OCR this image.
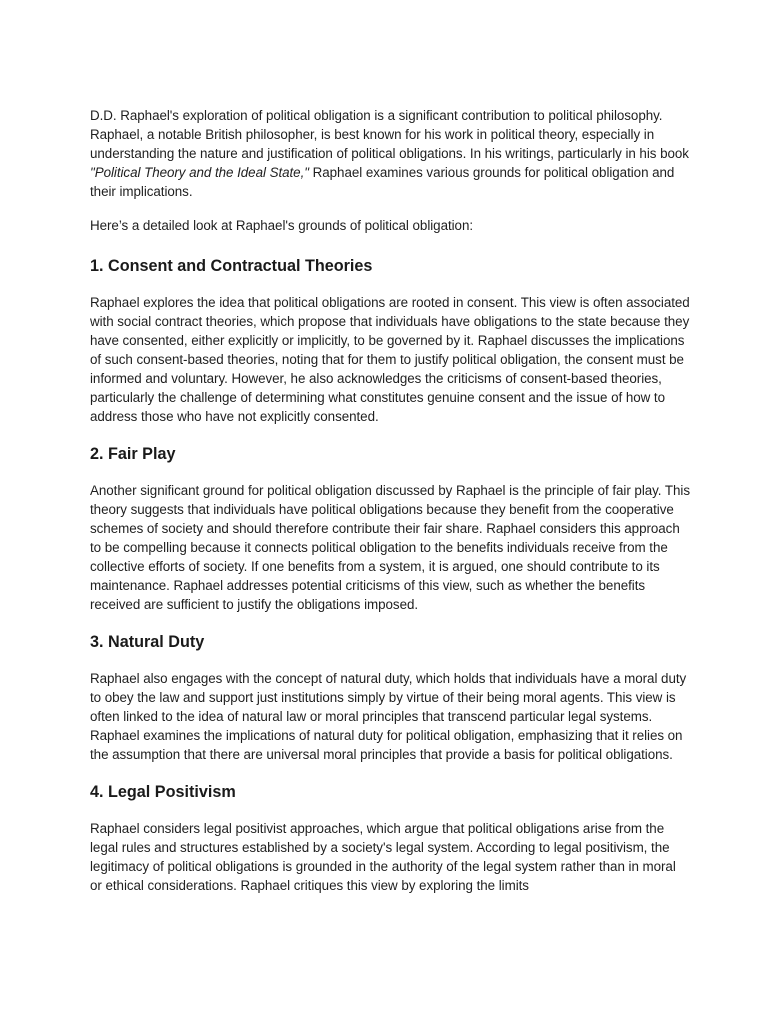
D.D. Raphael's exploration of political obligation is a significant contribution to political philosophy. Raphael, a notable British philosopher, is best known for his work in political theory, especially in understanding the nature and justification of political obligations. In his writings, particularly in his book "Political Theory and the Ideal State," Raphael examines various grounds for political obligation and their implications.

Here’s a detailed look at Raphael's grounds of political obligation:

1. Consent and Contractual Theories

Raphael explores the idea that political obligations are rooted in consent. This view is often associated with social contract theories, which propose that individuals have obligations to the state because they have consented, either explicitly or implicitly, to be governed by it. Raphael discusses the implications of such consent-based theories, noting that for them to justify political obligation, the consent must be informed and voluntary. However, he also acknowledges the criticisms of consent-based theories, particularly the challenge of determining what constitutes genuine consent and the issue of how to address those who have not explicitly consented.

2. Fair Play

Another significant ground for political obligation discussed by Raphael is the principle of fair play. This theory suggests that individuals have political obligations because they benefit from the cooperative schemes of society and should therefore contribute their fair share. Raphael considers this approach to be compelling because it connects political obligation to the benefits individuals receive from the collective efforts of society. If one benefits from a system, it is argued, one should contribute to its maintenance. Raphael addresses potential criticisms of this view, such as whether the benefits received are sufficient to justify the obligations imposed.

3. Natural Duty

Raphael also engages with the concept of natural duty, which holds that individuals have a moral duty to obey the law and support just institutions simply by virtue of their being moral agents. This view is often linked to the idea of natural law or moral principles that transcend particular legal systems. Raphael examines the implications of natural duty for political obligation, emphasizing that it relies on the assumption that there are universal moral principles that provide a basis for political obligations.

4. Legal Positivism

Raphael considers legal positivist approaches, which argue that political obligations arise from the legal rules and structures established by a society's legal system. According to legal positivism, the legitimacy of political obligations is grounded in the authority of the legal system rather than in moral or ethical considerations. Raphael critiques this view by exploring the limits
